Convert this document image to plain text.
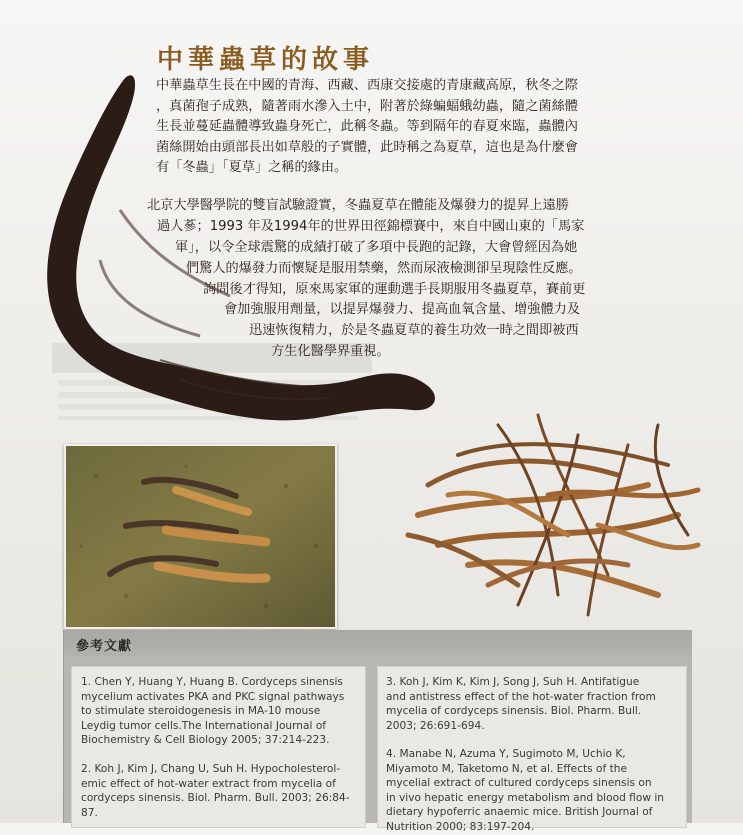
中華蟲草的故事

中華蟲草生長在中國的青海、西藏、西康交接處的青康藏高原，秋冬之際
，真菌孢子成熟，隨著雨水滲入土中，附著於綠蝙蝠蛾幼蟲，隨之菌絲體
生長並蔓延蟲體導致蟲身死亡，此稱冬蟲。等到隔年的春夏來臨，蟲體內
菌絲開始由頭部長出如草般的子實體，此時稱之為夏草，這也是為什麼會
有「冬蟲」「夏草」之稱的緣由。

北京大學醫學院的雙盲試驗證實，冬蟲夏草在體能及爆發力的提昇上遠勝
過人蔘；1993 年及1994年的世界田徑錦標賽中，來自中國山東的「馬家
軍」，以令全球震驚的成績打破了多項中長跑的記錄，大會曾經因為她
們驚人的爆發力而懷疑是服用禁藥，然而尿液檢測卻呈現陰性反應。
詢問後才得知，原來馬家軍的運動選手長期服用冬蟲夏草，賽前更
會加強服用劑量，以提昇爆發力、提高血氧含量、增強體力及
迅速恢復精力，於是冬蟲夏草的養生功效一時之間即被西
方生化醫學界重視。
參考文獻
1. Chen Y, Huang Y, Huang B. Cordyceps sinensis
mycelium activates PKA and PKC signal pathways
to stimulate steroidogenesis in MA-10 mouse
Leydig tumor cells.The International Journal of
Biochemistry & Cell Biology 2005; 37:214-223.
2. Koh J, Kim J, Chang U, Suh H. Hypocholesterol-
emic effect of hot-water extract from mycelia of
cordyceps sinensis. Biol. Pharm. Bull. 2003; 26:84-
87.
3. Koh J, Kim K, Kim J, Song J, Suh H. Antifatigue
and antistress effect of the hot-water fraction from
mycelia of cordyceps sinensis. Biol. Pharm. Bull.
2003; 26:691-694.
4. Manabe N, Azuma Y, Sugimoto M, Uchio K,
Miyamoto M, Taketomo N, et al. Effects of the
mycelial extract of cultured cordyceps sinensis on
in vivo hepatic energy metabolism and blood flow in
dietary hypoferric anaemic mice. British Journal of
Nutrition 2000; 83:197-204.
